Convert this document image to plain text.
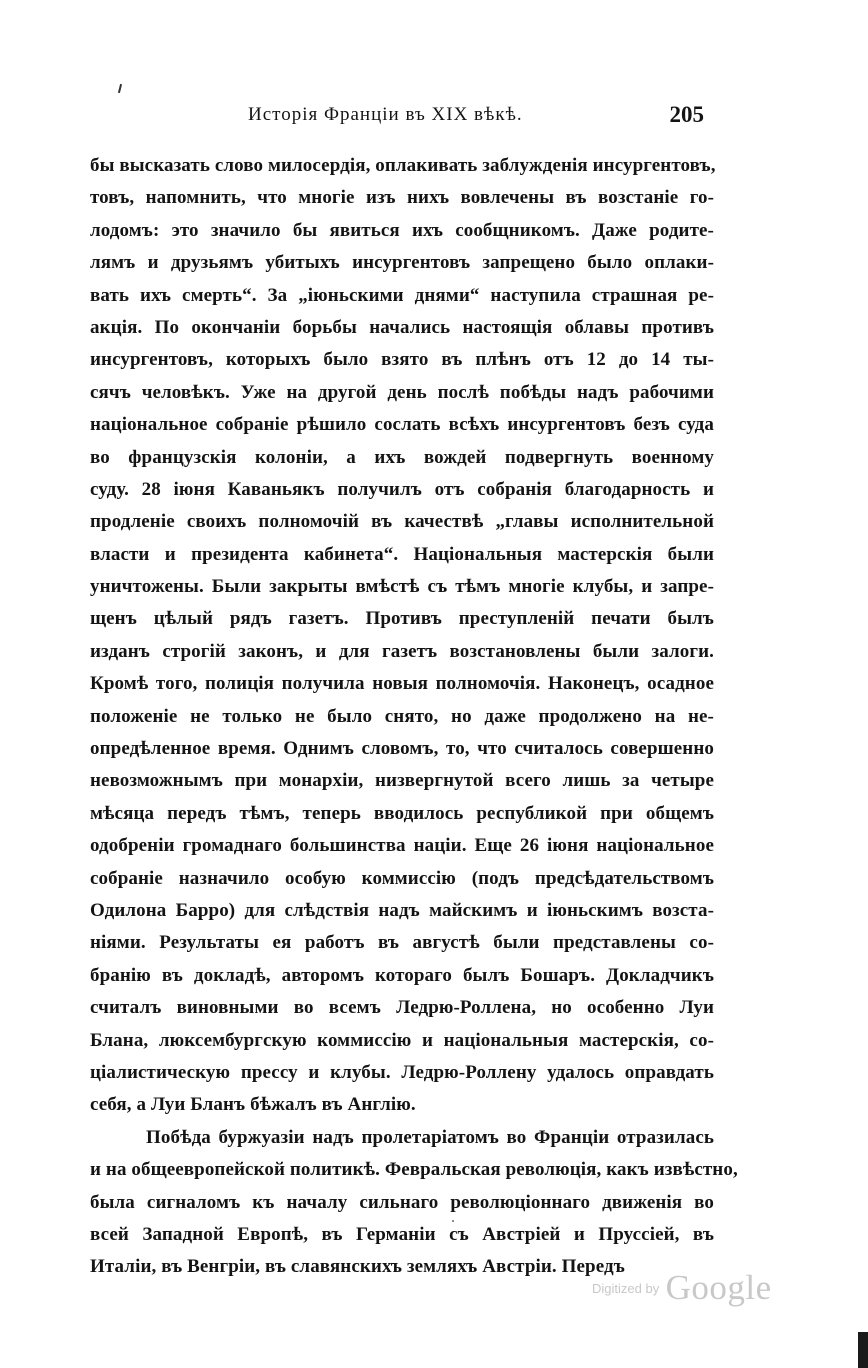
Исторія Франціи въ XIX вѣкѣ.	205
бы высказать слово милосердія, оплакивать заблужденія инсургентовъ,
товъ, напомнить, что многіе изъ нихъ вовлечены въ возстаніе го-
лодомъ: это значило бы явиться ихъ сообщникомъ. Даже родите-
лямъ и друзьямъ убитыхъ инсургентовъ запрещено было оплаки-
вать ихъ смерть“. За „іюньскими днями“ наступила страшная ре-
акція. По окончаніи борьбы начались настоящія облавы противъ
инсургентовъ, которыхъ было взято въ плѣнъ отъ 12 до 14 ты-
сячъ человѣкъ. Уже на другой день послѣ побѣды надъ рабочими
національное собраніе рѣшило сослать всѣхъ инсургентовъ безъ суда
во французскія колоніи, а ихъ вождей подвергнуть военному
суду. 28 іюня Каваньякъ получилъ отъ собранія благодарность и
продленіе своихъ полномочій въ качествѣ „главы исполнительной
власти и президента кабинета“. Національныя мастерскія были
уничтожены. Были закрыты вмѣстѣ съ тѣмъ многіе клубы, и запре-
щенъ цѣлый рядъ газетъ. Противъ преступленій печати былъ
изданъ строгій законъ, и для газетъ возстановлены были залоги.
Кромѣ того, полиція получила новыя полномочія. Наконецъ, осадное
положеніе не только не было снято, но даже продолжено на не-
опредѣленное время. Однимъ словомъ, то, что считалось совершенно
невозможнымъ при монархіи, низвергнутой всего лишь за четыре
мѣсяца передъ тѣмъ, теперь вводилось республикой при общемъ
одобреніи громаднаго большинства націи. Еще 26 іюня національное
собраніе назначило особую коммиссію (подъ предсѣдательствомъ
Одилона Барро) для слѣдствія надъ майскимъ и іюньскимъ возста-
ніями. Результаты ея работъ въ августѣ были представлены со-
бранію въ докладѣ, авторомъ котораго былъ Бошаръ. Докладчикъ
считалъ виновными во всемъ Ледрю-Роллена, но особенно Луи
Блана, люксембургскую коммиссію и національныя мастерскія, со-
ціалистическую прессу и клубы. Ледрю-Роллену удалось оправдать
себя, а Луи Бланъ бѣжалъ въ Англію.
Побѣда буржуазіи надъ пролетаріатомъ во Франціи отразилась
и на общеевропейской политикѣ. Февральская революція, какъ извѣстно,
была сигналомъ къ началу сильнаго революціоннаго движенія во
всей Западной Европѣ, въ Германіи съ Австріей и Пруссіей, въ
Италіи, въ Венгріи, въ славянскихъ земляхъ Австріи. Передъ
$^{Digitized by}$ Google
